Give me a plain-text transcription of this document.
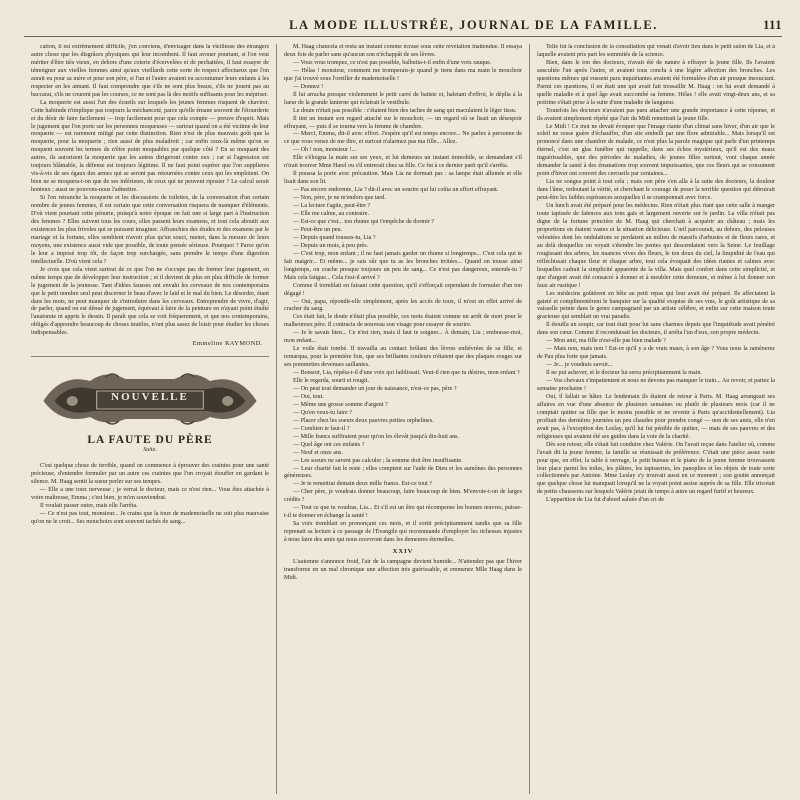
LA MODE ILLUSTRÉE, JOURNAL DE LA FAMILLE.	111

cation, il est extrêmement difficile, j'en conviens, d'envisager dans la vieillesse des étrangers autre chose que les disgrâces physiques qui leur incombent. Il faut avouer pourtant, si l'on veut mériter d'être tiès vieux, en dehors d'une coterie d'écervelées et de pechattées, il faut essayer de témoigner aux vieilles femmes ainsi qu'aux vieillards cette sorte de respect affectueux que l'on aurait eu pour sa mère et pour son père, si l'un et l'autre avaient eu accoutumer leurs enfants à les respecter en les aimant. Il faut comprendre que s'ils ne sont plus beaux, s'ils ne jouent pas au baccarat, s'ils ne courent pas les courses, ce ne sont pas là des motifs suffisants pour les mépriser.

La moquerie est aussi l'un des écueils sur lesquels les jeunes femmes risquent de chavirer. Cette habitude n'implique pas toujours la méchanceté, parce qu'elle émane souvent de l'étourderie et du désir de faire facilement — trop facilement pour que cela compte — preuve d'esprit. Mais le jugement que l'on porte sur les personnes moqueuses — surtout quand on a été victime de leur moquerie — est rarement mitigé par cette distinction. Rien n'est de plus mauvais goût que la moquerie, pour la moquerie ; rien aussi de plus maladroit ; car enfin ceux-là même qu'on se moquent souvent les termes de n'être point moquables par quelque côté ? En se moquant des autres, ils autorisent la moquerie que les autres dirigeront contre eux ; car si l'agression est toujours blâmable, la défense est toujours légitime. Il ne faut point espérer que l'on supplieres vis-à-vis de ses égaux des armes qui se seront pas retournées contre ceux qui les emploient. On bien ne se moquera-t-on que de ses inférieurs, de ceux qui ne peuvent riposter ? Le calcul serait honteux ; aussi ne pouvons-nous l'admettre.

Si l'on retranche la moquerie et les discussions de toilettes, de la conversation d'un certain nombre de jeunes femmes, il est certain que cette conversation risquera de manquer d'éléments. D'où vient pourtant cette pénurie, puisqu'à notre époque on fait une si large part à l'instruction des femmes ? Elles suivent tous les cours, elles passent leurs examens, et tout cela aboutit aux existences les plus frivoles qui se puissent imaginer. Affranchies des études et des examens par le mariage et la fortune, elles semblent n'avoir plus qu'un souci, mener, dans la mesure de leurs moyens, une existence aussi vide que possible, de toute pensée sérieuse. Pourquoi ? Parce qu'on le leur a imposé trop tôt, de façon trop surchargée, sans prendre le temps d'une digestion intellectuelle. D'où vient cela ?

Je crois que cela vient surtout de ce que l'on ne s'occupe pas de former leur jugement, en même temps que de développer leur instruction ; et il devient de plus en plus difficile de former le jugement de la jeunesse. Tant d'idées fausses ont envahi les cerveaux de nos contemporains que le petit nombre seul peut discerner le beau d'avec le laid et le mal du bien. Le désordre, étant dans les mots, ne peut manquer de s'introduire dans les cerveaux. Entreprendre de vivre, d'agir, de parler, quand on est dénué de jugement, équivaut à faire de la peinture en n'ayant point étudié l'anatomie ni appris le dessin. Il paraît que cela se voit fréquemment, et que nos contemporains, obligés d'apprendre beaucoup de choses inutiles, n'ont plus assez de loisir pour étudier les choses indispensables.

Emmeline RAYMOND.
NOUVELLE
LA FAUTE DU PÈRE
Suite.

C'est quelque chose de terrible, quand on commence à éprouver des craintes pour une santé précieuse, d'entendre formuler par un autre ces craintes que l'on croyait étouffer en gardant le silence. M. Haag sentit la sueur perler sur ses tempes.

— Elle a une toux nerveuse ; je verrai le docteur, mais ce n'est rien... Vous êtes attachée à votre maîtresse, Emma ; c'est bien, je m'en souviendrai.

Il voulait passer outre, mais elle l'arrêta.

— Ce n'est pas tout, monsieur... Je crains que la toux de mademoiselle ne soit plus mauvaise qu'on ne le croit... Ses mouchoirs sont souvent tachés de sang...

M. Haag chancela et resta un instant comme écrasé sous cette révélation inattendue. Il essaya deux fois de parler sans qu'aucun son n'échappât de ses lèvres.

— Vous vous trompez, ce n'est pas possible, balbutia-t-il enfin d'une voix rauque.

— Hélas ! monsieur, comment me tromperais-je quand je tiens dans ma main le mouchoir que j'ai trouvé sous l'oreiller de mademoiselle !

— Donnez !

Il lui arracha presque violemment le petit carré de batiste et, haletant d'effroi, le déplia à la lueur de la grande lanterne qui éclairait le vestibule.

Le doute n'était pas possible : c'étaient bien des taches de sang qui maculaient le léger tissu.

Il tint un instant son regard attaché sur le mouchoir, — un regard où se lisait un désespoir effrayant, — puis il se tourna vers la femme de chambre.

— Merci, Emma, dit-il avec effort. J'espère qu'il est temps encore... Ne parlez à personne de ce que vous venez de me dire, et surtout n'alarmez pas ma fille... Allez.

— Oh ! non, monsieur !...

Elle s'éloigna la main sur ses yeux, et lui demeura un instant immobile, se demandant s'il n'irait trouver Mme Harel ou s'il entrerait chez sa fille. Ce fut à ce dernier parti qu'il s'arrêta.

Il poussa la porte avec précaution. Mais Lia ne dormait pas : sa lampe était allumée et elle lisait dans son lit.

— Pas encore endormie, Lia ? dit-il avec un sourire qui lui coûta un effort effrayant.

— Non, père, je ne m'endors que tard.

— La lecture t'agite, peut-être ?

— Elle me calme, au contraire.

— Est-ce que c'est... ton rhume qui t'empêche de dormir ?

— Peut-être un peu.

— Depuis quand tousses-tu, Lia ?

— Depuis un mois, à peu près.

— C'est trop, mon enfant ; il ne faut jamais garder un rhume si longtemps... C'est cela qui te fait maigrir... Et même... je sais sûr que tu as les bronches irritées... Quand on tousse ainsi longtemps, on crache presque toujours un peu de sang... Ce n'est pas dangereux, entends-tu ? Mais cela fatigue... Cela t'est-il arrivé ?

Comme il tremblait en faisant cette question, qu'il s'efforçait cependant de formuler d'un ton dégagé !

— Oui, papa, répondit-elle simplement, après les accès de toux, il m'est en effet arrivé de cracher du sang.

Ces était fait, le doute n'était plus possible, ces mots étaient comme un arrêt de mort pour le malheureux père. Il contracta de nouveau son visage pour essayer de sourire.

— Je le savais bien... Ce n'est rien, mais il faut te soigner... À demain, Lia ; embrasse-moi, mon enfant...

Le voile était tombé. Il travailla au contact brûlant des lèvres enfiévrées de sa fille, et remarqua, pour la première fois, que ses brillantes couleurs n'étaient que des plaques rouges sur ses pommettes devenues saillantes.

— Bonsoir, Lia, répéta-t-il d'une voix qui faiblissait. Veut-il rien que tu désires, mon enfant ?

Elle le regarda, sourit et rougit.

— On peut tout demander un jour de naissance, n'est-ce pas, père ?

— Oui, tout.

— Même une grosse somme d'argent ?

— Qu'en veux-tu faire ?

— Placer chez les soeurs deux pauvres petites orphelines.

— Combien te faut-il ?

— Mille francs suffiraient pour qu'on les élevât jusqu'à dix-huit ans.

— Quel âge ont ces enfants ?

— Neuf et onze ans.

— Les soeurs ne savent pas calculer ; la somme doit être insuffisante.

— Leur charité fait le reste ; elles comptent sur l'aide de Dieu et les aumônes des personnes généreuses.

— Je te remettrai demain deux mille francs. Est-ce tout ?

— Cher père, je voudrais donner beaucoup, faire beaucoup de bien. M'envoie-t-on de larges crédits ?

— Tout ce que tu voudras, Lia... Et s'il est un être qui récompense les bonnes œuvres, puisse-t-il te donner en échange la santé !

Sa voix tremblait en prononçant ces mots, et il sortit précipitamment tandis que sa fille reprenait sa lecture à ce passage de l'Évangile qui recommande d'employer les richesses injustes à nous faire des amis qui nous recevront dans les demeures éternelles.

XXIV

L'automne s'annonce froid, l'air de la campagne devient humide... N'attendez pas que l'hiver transforme en un mal chronique une affection très guérissable, et emmenez Mlle Haag dans le Midi.

Telle fut la conclusion de la consultation qui venait d'avoir lieu dans le petit salon de Lia, et à laquelle avaient pris part les sommités de la science.

Bien, dans le ton des docteurs, n'avait été de nature à effrayer la jeune fille. Ils l'avaient auscultée l'un après l'autre, et avaient tous conclu à une légère affection des bronches. Les questions mêmes qui eussent paru inquiétantes avaient été formulées d'un air presque insouciant. Parmi ces questions, il en était une qui avait fait tressaillir M. Haag : on lui avait demandé à quelle maladie et à quel âge avait succombé sa femme. Hélas ! elle avait vingt-deux ans, et sa poitrine s'était prise à la suite d'une maladie de langueur.

Toutefois les docteurs n'avaient pas paru attacher une grande importance à cette réponse, et ils avaient simplement répété que l'air du Midi remettrait la jeune fille.

Le Midi ! Ce mot ne devait évoquer que l'image riante d'un climat sans hiver, d'un air que le soleil ne cesse guère d'échauffer, d'un site embelli par une flore admirable... Mais lorsqu'il est prononcé dans une chambre de malade, ce n'est plus la parole magique qui parle d'un printemps éternel, c'est un glas funèbre qui rappelle, dans ses échos mystérieux, qu'il est des maux inguérissables, que des périodes de maladies, de jeunes filles surtout, vont chaque année demander la santé à des émanations trop souvent impuissantes, que ces fleurs qui se consument point d'hiver ont couvert des cercueils par centaines...

Lia ne songea point à tout cela ; mais son père s'en alla à la suite des docteurs, la douleur dans l'âme, redoutant la vérité, et cherchant le courage de poser la terrible question qui détruirait peut-être les faibles espérances auxquelles il se cramponnait avec force.

Un lunch avait été préparé pour les médecins. Rien n'était plus riant que cette salle à manger toute tapissée de faïences aux tons gais et largement ouverte sur le jardin. La villa n'était pas digne de la fortune princière de M. Haag qui cherchait à acquérir au château ; mais les proportions en étaient vastes et la situation délicieuse. L'œil parcourait, au dehors, des pelouses veloutées dont les ondulations se perdaient au milieu de massifs d'arbustes et de fleurs rares, et au delà desquelles on voyait s'étendre les pentes qui descendaient vers la Seine. Le feuillage rougissant des arbres, les nuances vives des fleurs, le ton doux du ciel, la limpidité de l'eau qui réfléchissait chaque fleur et chaque arbre, tout cela évoquait des idées riantes et calmes avec lesquelles cadrait la simplicité apparente de la villa. Mais quel confort dans cette simplicité, et que d'argent avait été consacré à donner et à meubler cette demeure, et même à lui donner son faux air rustique !

Les médecins goûtèrent en bête au petit repas qui leur avait été préparé. Ils affectaient la gaieté et complimentèrent le banquier sur la qualité exquise de ses vins, le goût artistique de sa vaisselle peinte dans le genre campagnard par un artiste célèbre, et enfin sur cette maison toute gracieuse qui semblait un vrai paradis.

Il étouffa un soupir, car tout était pour lui sans charmes depuis que l'inquiétude avait pénétré dans son cœur. Comme il reconduisait les docteurs, il arrêta l'un d'eux, son propre médecin.

— Mon ami, ma fille n'est-elle pas bien malade ?

— Mais non, mais non ! Est-ce qu'il y a de vrais maux, à son âge ? Vous nous la ramènerez de Pau plus forte que jamais.

— Je... je voudrais savoir...

Il ne put achever, et le docteur lui serra précipitamment la main.

— Vos chevaux s'impatientent et nous ne devons pas manquer le train... Au revoir, et partez la semaine prochaine !

Oui, il fallait se hâter. Le lendemain ils étaient de retour à Paris. M. Haag arrangeait ses affaires en vue d'une absence de plusieurs semaines ou plutôt de plusieurs mois (car il ne comptait quitter sa fille que le moins possible et ne revenir à Paris qu'accidentellement). Lia profitait des dernières journées un peu chaudes pour prendre congé — non de ses amis, elle n'en avait pas, à l'exception des Leslay, qu'il lui fut pénible de quitter, — mais de ses pauvres et des religieuses qui avaient été ses guides dans la voie de la charité.

Dès son retour, elle s'était fait conduire chez Valérie. On l'avait reçue dans l'atelier où, comme l'avait dit la jeune femme, la famille se réunissait de préférence. C'était une pièce assez vaste pour que, en effet, la table à ouvrage, le petit bureau et le piano de la jeune femme trouvassent leur place parmi les toiles, les plâtres, les tapisseries, les panoplies et les objets de toute sorte collectionnés par Antoine. Mme Leslay s'y trouvait aussi en ce moment ; son goutte annonçait que quelque chose lui manquait lorsqu'il ne la voyait point assise auprès de sa fille. Elle tricotait de petits chaussons sur lesquels Valérie jetait de temps à autre un regard furtif et heureux.

L'apparition de Lia fut d'abord saluée d'un cri de
